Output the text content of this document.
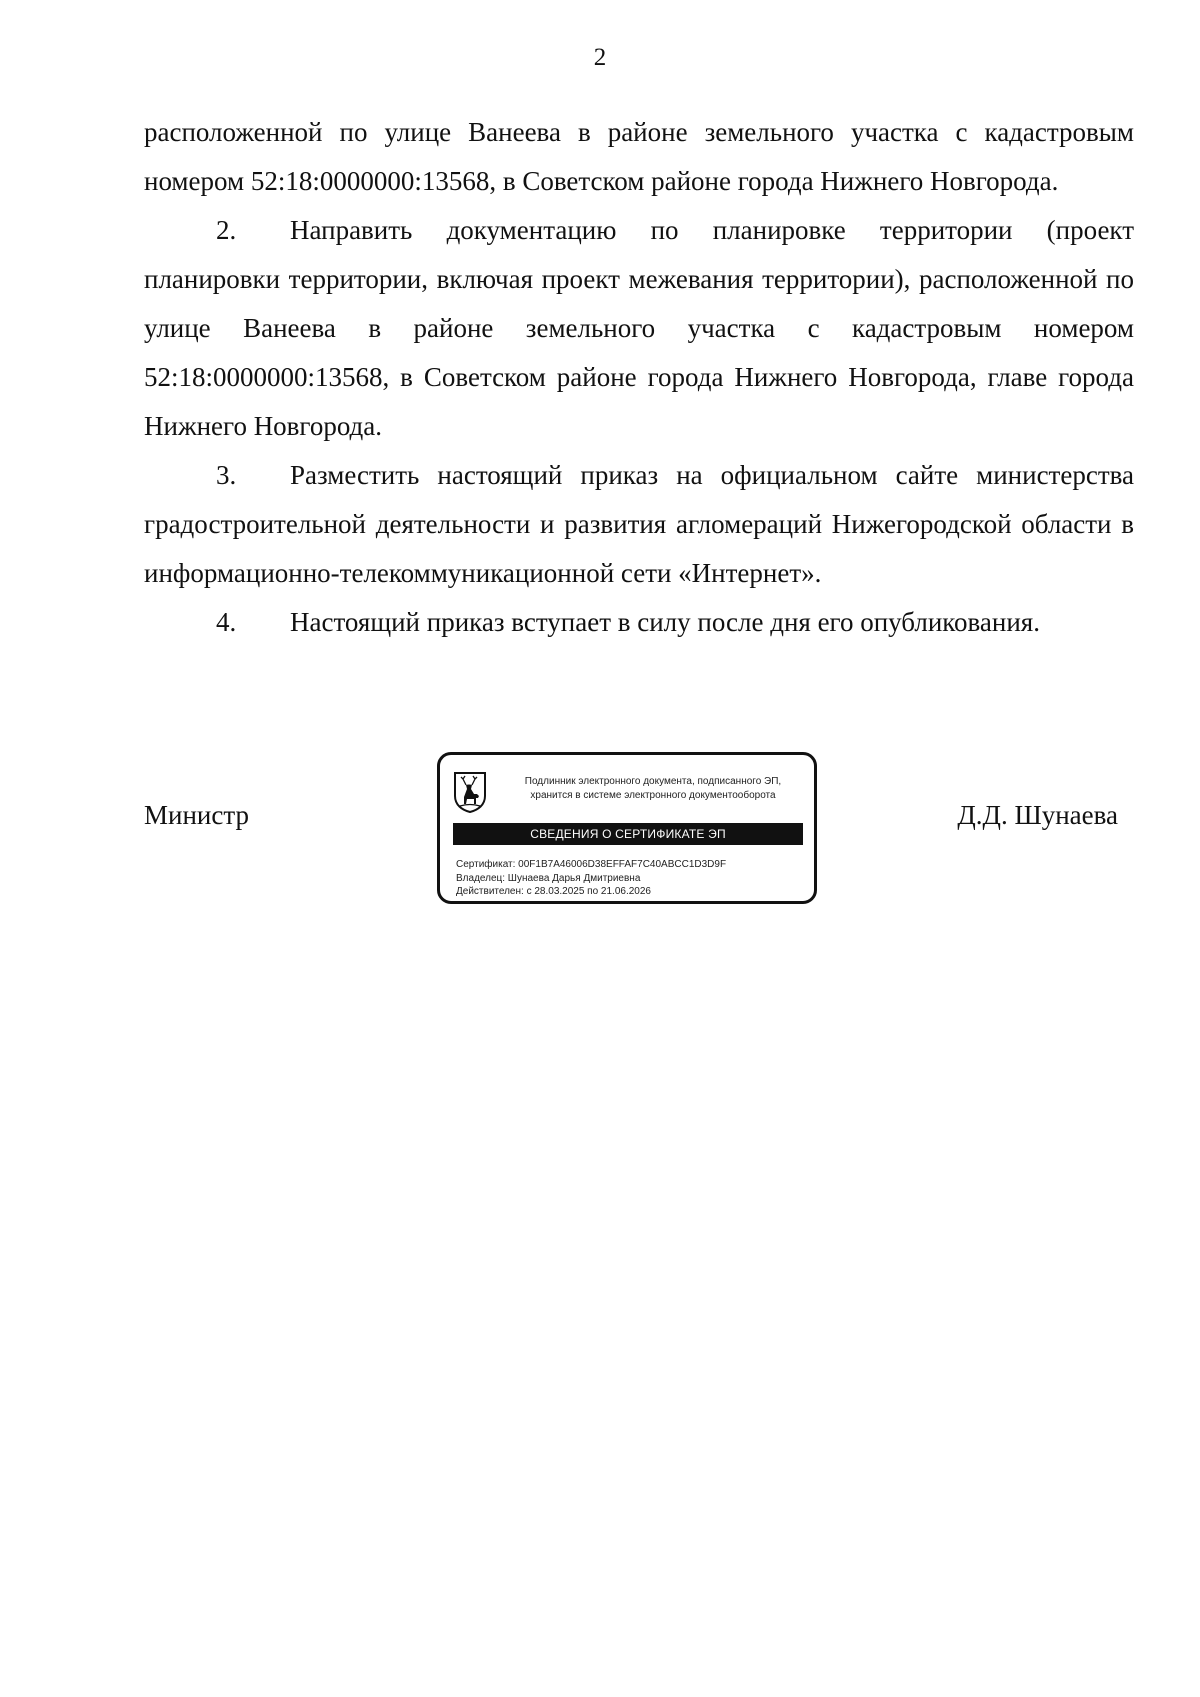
2

расположенной по улице Ванеева в районе земельного участка с кадастровым номером 52:18:0000000:13568, в Советском районе города Нижнего Новгорода.

2. Направить документацию по планировке территории (проект планировки территории, включая проект межевания территории), расположенной по улице Ванеева в районе земельного участка с кадастровым номером 52:18:0000000:13568, в Советском районе города Нижнего Новгорода, главе города Нижнего Новгорода.

3. Разместить настоящий приказ на официальном сайте министерства градостроительной деятельности и развития агломераций Нижегородской области в информационно-телекоммуникационной сети «Интернет».

4. Настоящий приказ вступает в силу после дня его опубликования.

Министр	Д.Д. Шунаева
Подлинник электронного документа, подписанного ЭП,
хранится в системе электронного документооборота
СВЕДЕНИЯ О СЕРТИФИКАТЕ ЭП
Сертификат: 00F1B7A46006D38EFFAF7C40ABCC1D3D9F
Владелец: Шунаева Дарья Дмитриевна
Действителен: с 28.03.2025 по 21.06.2026
